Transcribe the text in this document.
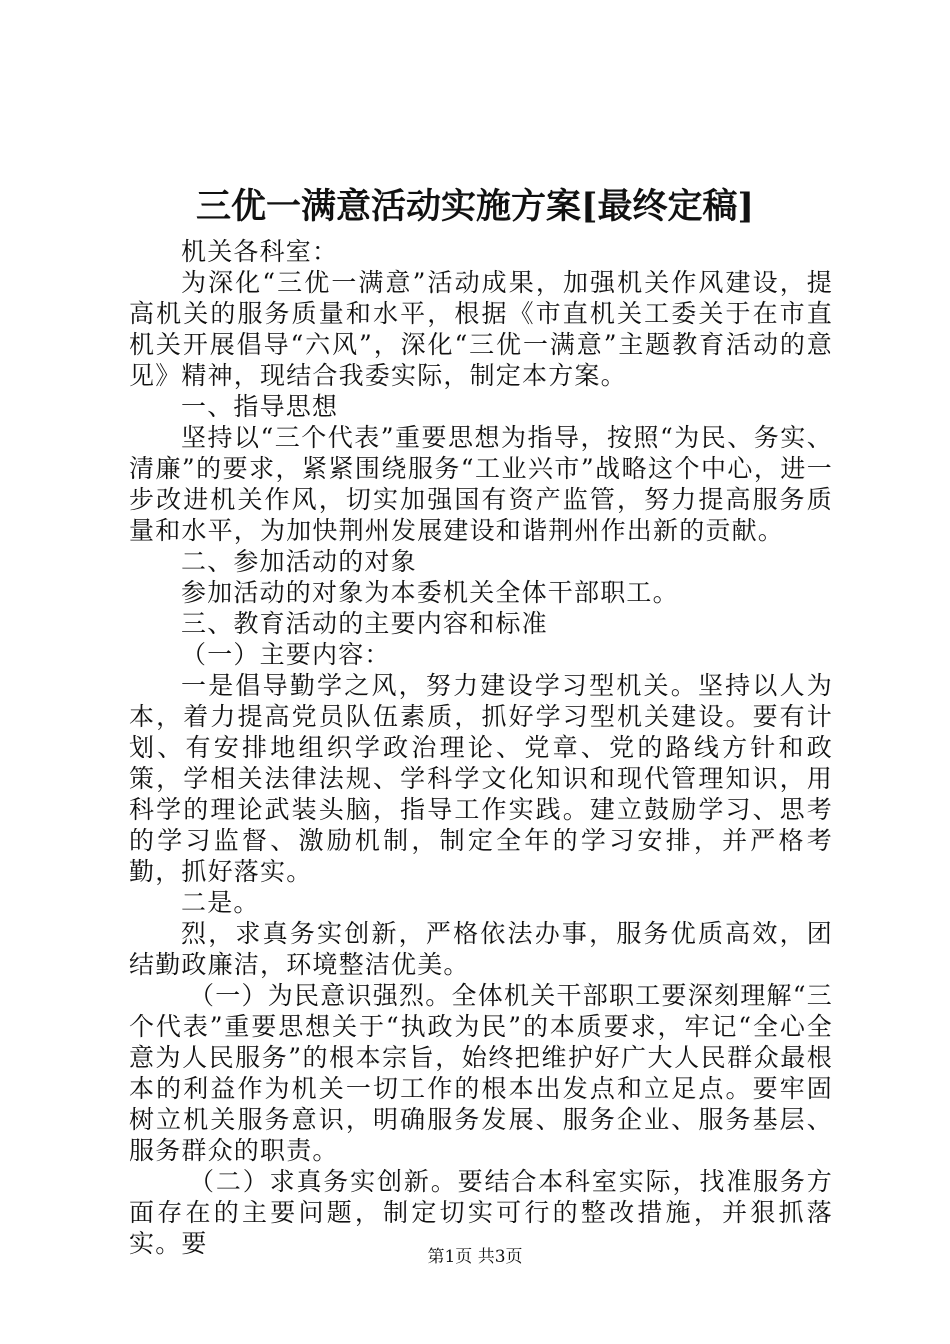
三优一满意活动实施方案[最终定稿]

机关各科室：

为深化“三优一满意”活动成果，加强机关作风建设，提高机关的服务质量和水平，根据《市直机关工委关于在市直机关开展倡导“六风”，深化“三优一满意”主题教育活动的意见》精神，现结合我委实际，制定本方案。

一、指导思想

坚持以“三个代表”重要思想为指导，按照“为民、务实、清廉”的要求，紧紧围绕服务“工业兴市”战略这个中心，进一步改进机关作风，切实加强国有资产监管，努力提高服务质量和水平，为加快荆州发展建设和谐荆州作出新的贡献。

二、参加活动的对象

参加活动的对象为本委机关全体干部职工。

三、教育活动的主要内容和标准

（一）主要内容：

一是倡导勤学之风，努力建设学习型机关。坚持以人为本，着力提高党员队伍素质，抓好学习型机关建设。要有计划、有安排地组织学政治理论、党章、党的路线方针和政策，学相关法律法规、学科学文化知识和现代管理知识，用科学的理论武装头脑，指导工作实践。建立鼓励学习、思考的学习监督、激励机制，制定全年的学习安排，并严格考勤，抓好落实。

二是。

烈，求真务实创新，严格依法办事，服务优质高效，团结勤政廉洁，环境整洁优美。

（一）为民意识强烈。全体机关干部职工要深刻理解“三个代表”重要思想关于“执政为民”的本质要求，牢记“全心全意为人民服务”的根本宗旨，始终把维护好广大人民群众最根本的利益作为机关一切工作的根本出发点和立足点。要牢固树立机关服务意识，明确服务发展、服务企业、服务基层、服务群众的职责。

（二）求真务实创新。要结合本科室实际，找准服务方面存在的主要问题，制定切实可行的整改措施，并狠抓落实。要	第1页 共3页
